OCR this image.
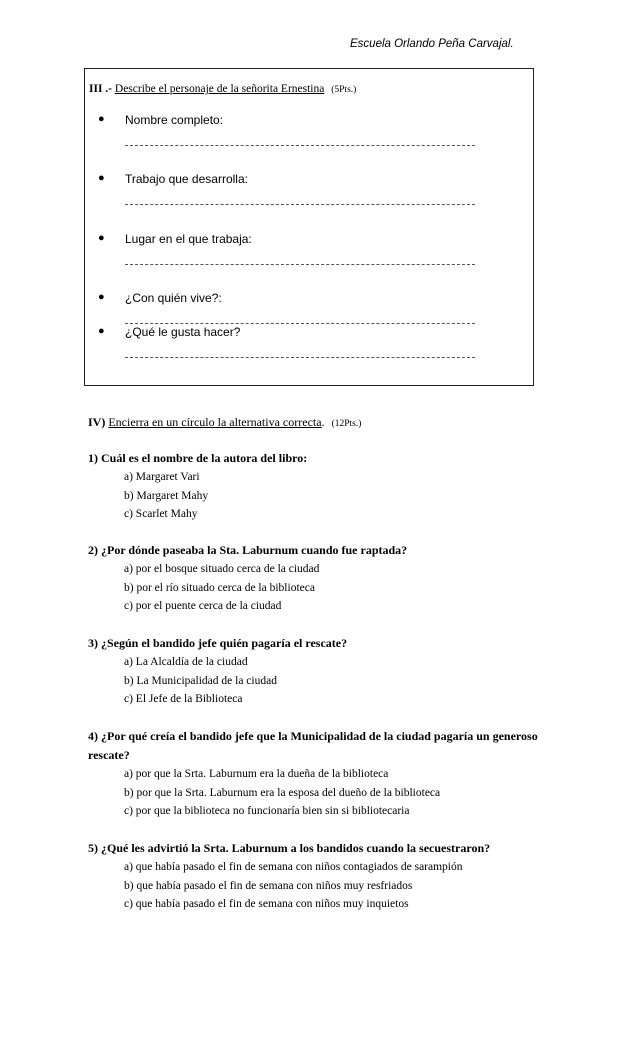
Escuela Orlando Peña Carvajal.
III .- Describe el personaje de la señorita Ernestina (5Pts.)
● Nombre completo:
● Trabajo que desarrolla:
● Lugar en el que trabaja:
● ¿Con quién vive?:
● ¿Qué le gusta hacer?
IV) Encierra en un círculo la alternativa correcta. (12Pts.)
1) Cuál es el nombre de la autora del libro:
a) Margaret Vari
b) Margaret Mahy
c) Scarlet Mahy
2) ¿Por dónde paseaba la Sta. Laburnum cuando fue raptada?
a) por el bosque situado cerca de la ciudad
b) por el río situado cerca de la biblioteca
c) por el puente cerca de la ciudad
3) ¿Según el bandido jefe quién pagaría el rescate?
a) La Alcaldía de la ciudad
b) La Municipalidad de la ciudad
c) El Jefe de la Biblioteca
4) ¿Por qué creía el bandido jefe que la Municipalidad de la ciudad pagaría un generoso rescate?
a) por que la Srta. Laburnum era la dueña de la biblioteca
b) por que la Srta. Laburnum era la esposa del dueño de la biblioteca
c) por que la biblioteca no funcionaría bien sin si bibliotecaria
5) ¿Qué les advirtió la Srta. Laburnum a los bandidos cuando la secuestraron?
a) que había pasado el fin de semana con niños contagiados de sarampión
b) que había pasado el fin de semana con niños muy resfriados
c) que había pasado el fin de semana con niños muy inquietos
